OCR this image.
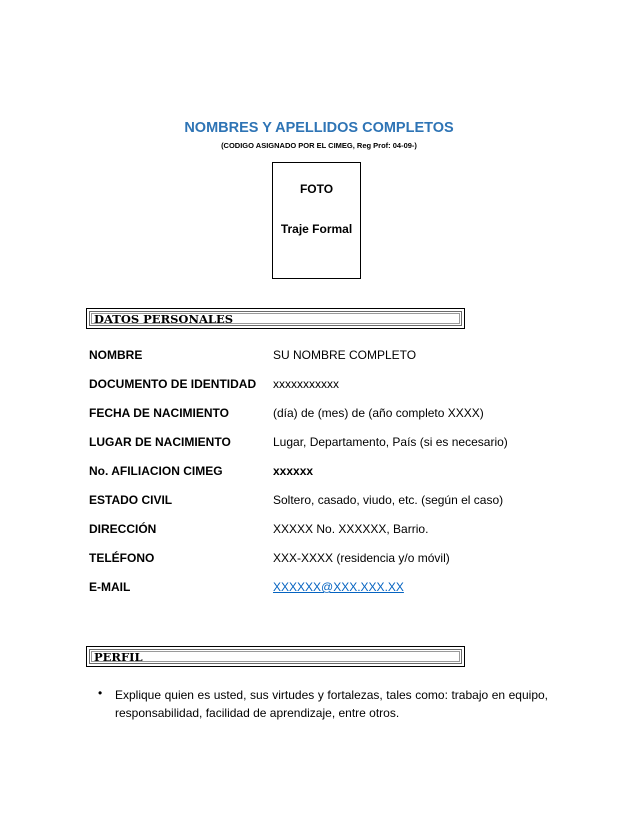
NOMBRES Y APELLIDOS COMPLETOS
(CODIGO ASIGNADO POR EL CIMEG, Reg Prof: 04-09-)
FOTO
Traje Formal
DATOS PERSONALES
NOMBRE	SU NOMBRE COMPLETO
DOCUMENTO DE IDENTIDAD xxxxxxxxxxx
FECHA DE NACIMIENTO	(día) de (mes) de (año completo XXXX)
LUGAR DE NACIMIENTO	Lugar, Departamento, País (si es necesario)
No. AFILIACION CIMEG	xxxxxx
ESTADO CIVIL	Soltero, casado, viudo, etc. (según el caso)
DIRECCIÓN	XXXXX No. XXXXXX, Barrio.
TELÉFONO	XXX-XXXX (residencia y/o móvil)
E-MAIL	XXXXXX@XXX.XXX.XX
PERFIL
• Explique quien es usted, sus virtudes y fortalezas, tales como: trabajo en equipo, responsabilidad, facilidad de aprendizaje, entre otros.
